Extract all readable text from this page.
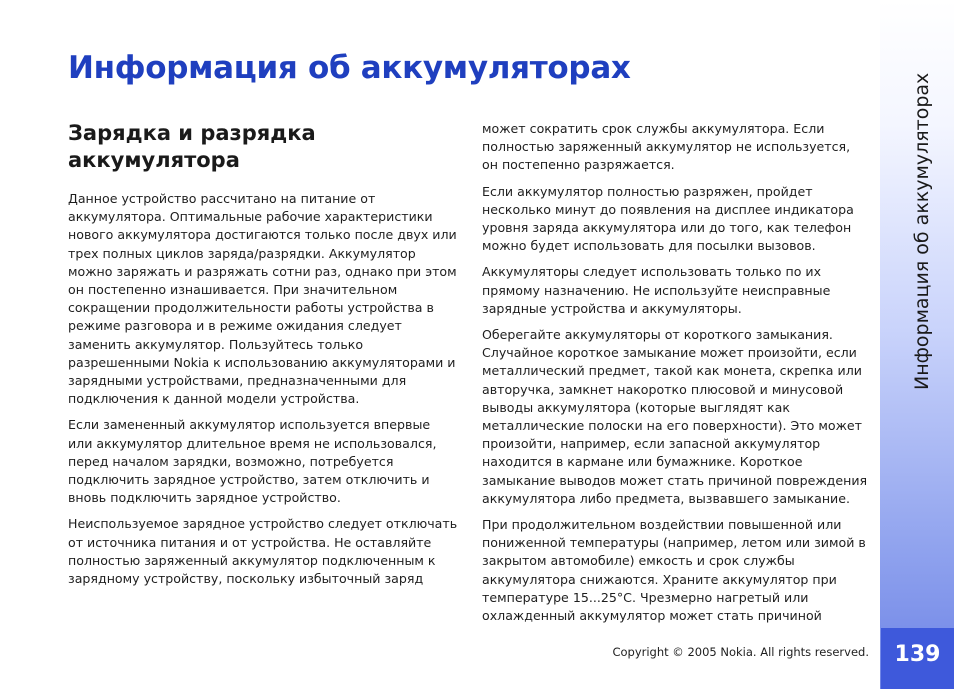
Информация об аккумуляторах
Зарядка и разрядка аккумулятора

Данное устройство рассчитано на питание от аккумулятора. Оптимальные рабочие характеристики нового аккумулятора достигаются только после двух или трех полных циклов заряда/разрядки. Аккумулятор можно заряжать и разряжать сотни раз, однако при этом он постепенно изнашивается. При значительном сокращении продолжительности работы устройства в режиме разговора и в режиме ожидания следует заменить аккумулятор. Пользуйтесь только разрешенными Nokia к использованию аккумуляторами и зарядными устройствами, предназначенными для подключения к данной модели устройства.

Если замененный аккумулятор используется впервые или аккумулятор длительное время не использовался, перед началом зарядки, возможно, потребуется подключить зарядное устройство, затем отключить и вновь подключить зарядное устройство.

Неиспользуемое зарядное устройство следует отключать от источника питания и от устройства. Не оставляйте полностью заряженный аккумулятор подключенным к зарядному устройству, поскольку избыточный заряд

может сократить срок службы аккумулятора. Если полностью заряженный аккумулятор не используется, он постепенно разряжается.

Если аккумулятор полностью разряжен, пройдет несколько минут до появления на дисплее индикатора уровня заряда аккумулятора или до того, как телефон можно будет использовать для посылки вызовов.

Аккумуляторы следует использовать только по их прямому назначению. Не используйте неисправные зарядные устройства и аккумуляторы.

Оберегайте аккумуляторы от короткого замыкания. Случайное короткое замыкание может произойти, если металлический предмет, такой как монета, скрепка или авторучка, замкнет накоротко плюсовой и минусовой выводы аккумулятора (которые выглядят как металлические полоски на его поверхности). Это может произойти, например, если запасной аккумулятор находится в кармане или бумажнике. Короткое замыкание выводов может стать причиной повреждения аккумулятора либо предмета, вызвавшего замыкание.

При продолжительном воздействии повышенной или пониженной температуры (например, летом или зимой в закрытом автомобиле) емкость и срок службы аккумулятора снижаются. Храните аккумулятор при температуре 15...25°C. Чрезмерно нагретый или охлажденный аккумулятор может стать причиной

Copyright © 2005 Nokia. All rights reserved.
Информация об аккумуляторах
139
